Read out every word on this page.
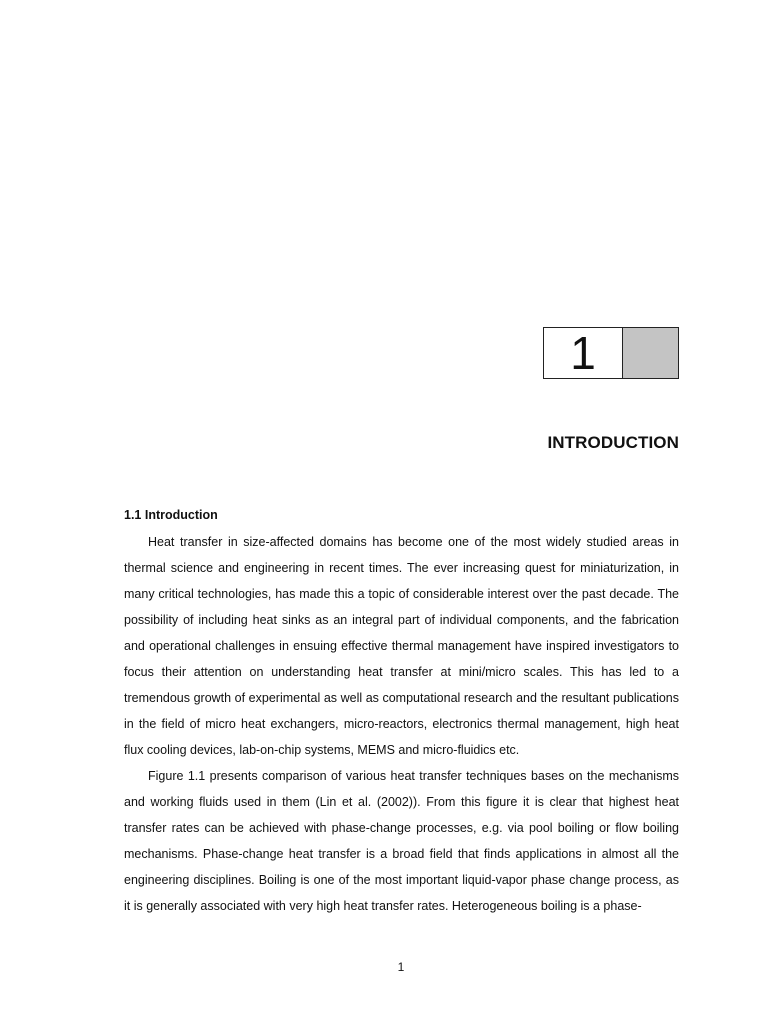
1
INTRODUCTION
1.1 Introduction

Heat transfer in size-affected domains has become one of the most widely studied areas in thermal science and engineering in recent times. The ever increasing quest for miniaturization, in many critical technologies, has made this a topic of considerable interest over the past decade. The possibility of including heat sinks as an integral part of individual components, and the fabrication and operational challenges in ensuing effective thermal management have inspired investigators to focus their attention on understanding heat transfer at mini/micro scales. This has led to a tremendous growth of experimental as well as computational research and the resultant publications in the field of micro heat exchangers, micro-reactors, electronics thermal management, high heat flux cooling devices, lab-on-chip systems, MEMS and micro-fluidics etc.

Figure 1.1 presents comparison of various heat transfer techniques bases on the mechanisms and working fluids used in them (Lin et al. (2002)). From this figure it is clear that highest heat transfer rates can be achieved with phase-change processes, e.g. via pool boiling or flow boiling mechanisms. Phase-change heat transfer is a broad field that finds applications in almost all the engineering disciplines. Boiling is one of the most important liquid-vapor phase change process, as it is generally associated with very high heat transfer rates. Heterogeneous boiling is a phase-

1
